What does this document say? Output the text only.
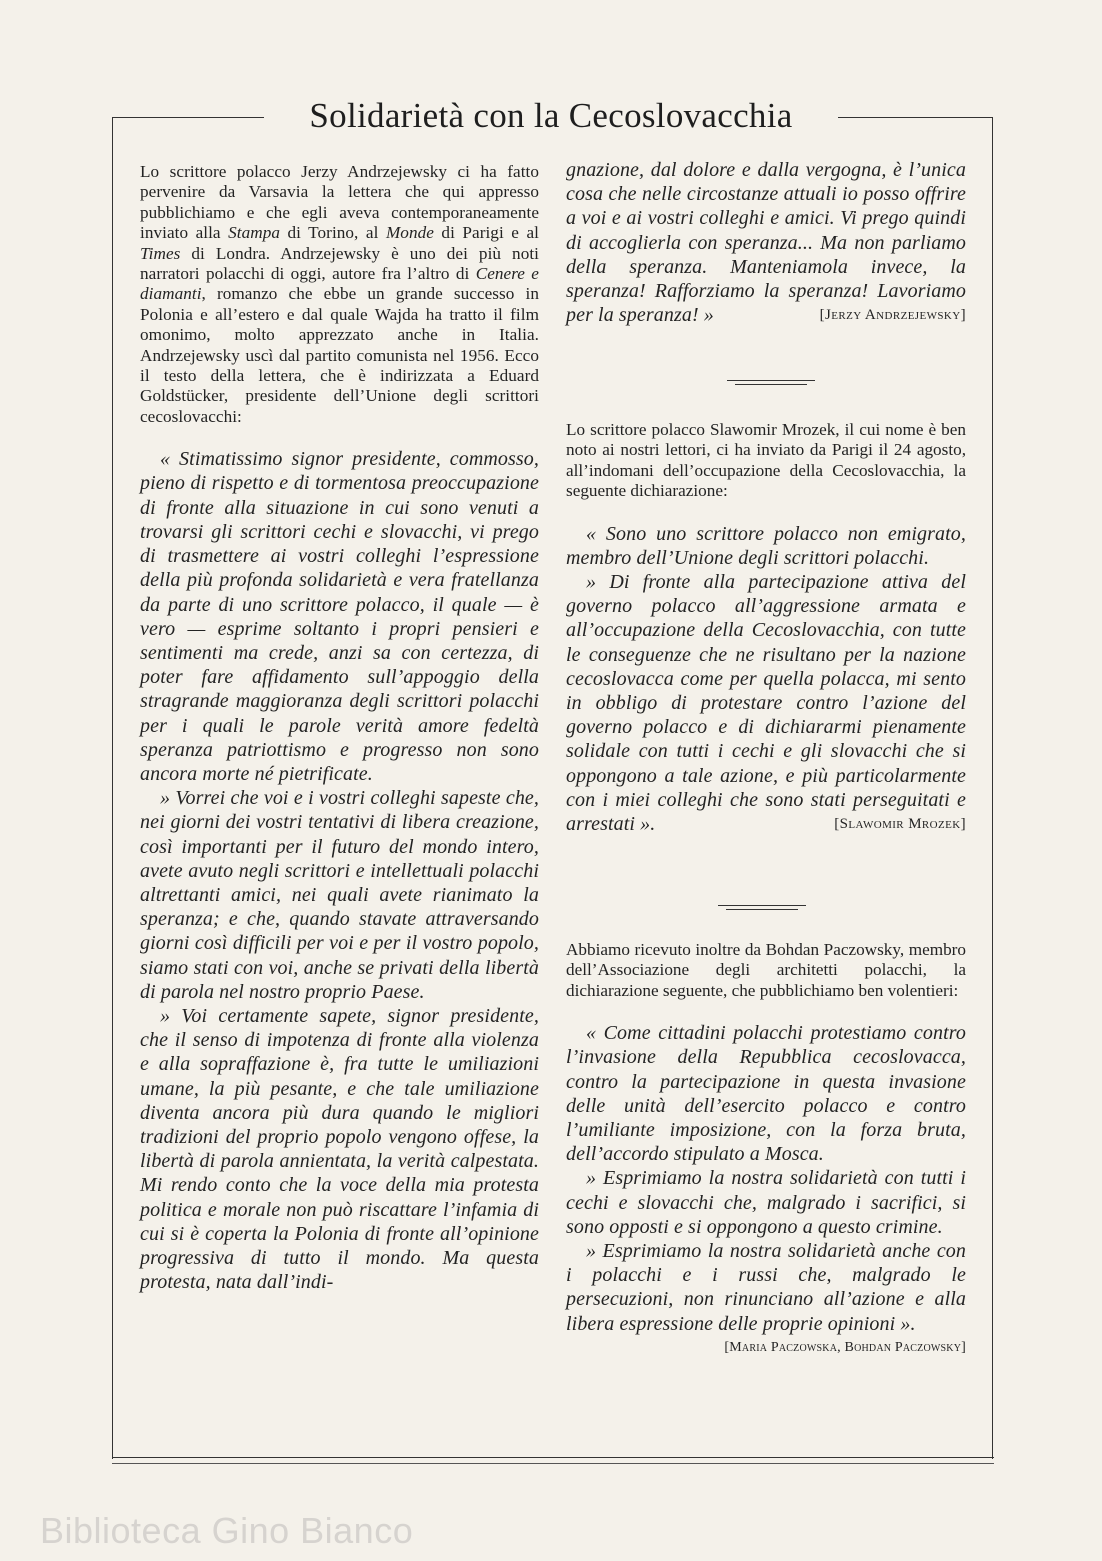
Solidarietà con la Cecoslovacchia

Lo scrittore polacco Jerzy Andrzejewsky ci ha fatto pervenire da Varsavia la lettera che qui appresso pubblichiamo e che egli aveva contemporaneamente inviato alla Stampa di Torino, al Monde di Parigi e al Times di Londra. Andrzejewsky è uno dei più noti narratori polacchi di oggi, autore fra l’altro di Cenere e diamanti, romanzo che ebbe un grande successo in Polonia e all’estero e dal quale Wajda ha tratto il film omonimo, molto apprezzato anche in Italia. Andrzejewsky uscì dal partito comunista nel 1956. Ecco il testo della lettera, che è indirizzata a Eduard Goldstücker, presidente dell’Unione degli scrittori cecoslovacchi:

« Stimatissimo signor presidente, commosso, pieno di rispetto e di tormentosa preoccupazione di fronte alla situazione in cui sono venuti a trovarsi gli scrittori cechi e slovacchi, vi prego di trasmettere ai vostri colleghi l’espressione della più profonda solidarietà e vera fratellanza da parte di uno scrittore polacco, il quale — è vero — esprime soltanto i propri pensieri e sentimenti ma crede, anzi sa con certezza, di poter fare affidamento sull’appoggio della stragrande maggioranza degli scrittori polacchi per i quali le parole verità amore fedeltà speranza patriottismo e progresso non sono ancora morte né pietrificate.

» Vorrei che voi e i vostri colleghi sapeste che, nei giorni dei vostri tentativi di libera creazione, così importanti per il futuro del mondo intero, avete avuto negli scrittori e intellettuali polacchi altrettanti amici, nei quali avete rianimato la speranza; e che, quando stavate attraversando giorni così difficili per voi e per il vostro popolo, siamo stati con voi, anche se privati della libertà di parola nel nostro proprio Paese.

» Voi certamente sapete, signor presidente, che il senso di impotenza di fronte alla violenza e alla sopraffazione è, fra tutte le umiliazioni umane, la più pesante, e che tale umiliazione diventa ancora più dura quando le migliori tradizioni del proprio popolo vengono offese, la libertà di parola annientata, la verità calpestata. Mi rendo conto che la voce della mia protesta politica e morale non può riscattare l’infamia di cui si è coperta la Polonia di fronte all’opinione progressiva di tutto il mondo. Ma questa protesta, nata dall’indi-

gnazione, dal dolore e dalla vergogna, è l’unica cosa che nelle circostanze attuali io posso offrire a voi e ai vostri colleghi e amici. Vi prego quindi di accoglierla con speranza... Ma non parliamo della speranza. Manteniamola invece, la speranza! Rafforziamo la speranza! Lavoriamo per la speranza! »	[Jerzy Andrzejewsky]

Lo scrittore polacco Slawomir Mrozek, il cui nome è ben noto ai nostri lettori, ci ha inviato da Parigi il 24 agosto, all’indomani dell’occupazione della Cecoslovacchia, la seguente dichiarazione:

« Sono uno scrittore polacco non emigrato, membro dell’Unione degli scrittori polacchi.

» Di fronte alla partecipazione attiva del governo polacco all’aggressione armata e all’occupazione della Cecoslovacchia, con tutte le conseguenze che ne risultano per la nazione cecoslovacca come per quella polacca, mi sento in obbligo di protestare contro l’azione del governo polacco e di dichiararmi pienamente solidale con tutti i cechi e gli slovacchi che si oppongono a tale azione, e più particolarmente con i miei colleghi che sono stati perseguitati e arrestati ».	[Slawomir Mrozek]

Abbiamo ricevuto inoltre da Bohdan Paczowsky, membro dell’Associazione degli architetti polacchi, la dichiarazione seguente, che pubblichiamo ben volentieri:

« Come cittadini polacchi protestiamo contro l’invasione della Repubblica cecoslovacca, contro la partecipazione in questa invasione delle unità dell’esercito polacco e contro l’umiliante imposizione, con la forza bruta, dell’accordo stipulato a Mosca.

» Esprimiamo la nostra solidarietà con tutti i cechi e slovacchi che, malgrado i sacrifici, si sono opposti e si oppongono a questo crimine.

» Esprimiamo la nostra solidarietà anche con i polacchi e i russi che, malgrado le persecuzioni, non rinunciano all’azione e alla libera espressione delle proprie opinioni ».
[Maria Paczowska, Bohdan Paczowsky]

Biblioteca Gino Bianco
